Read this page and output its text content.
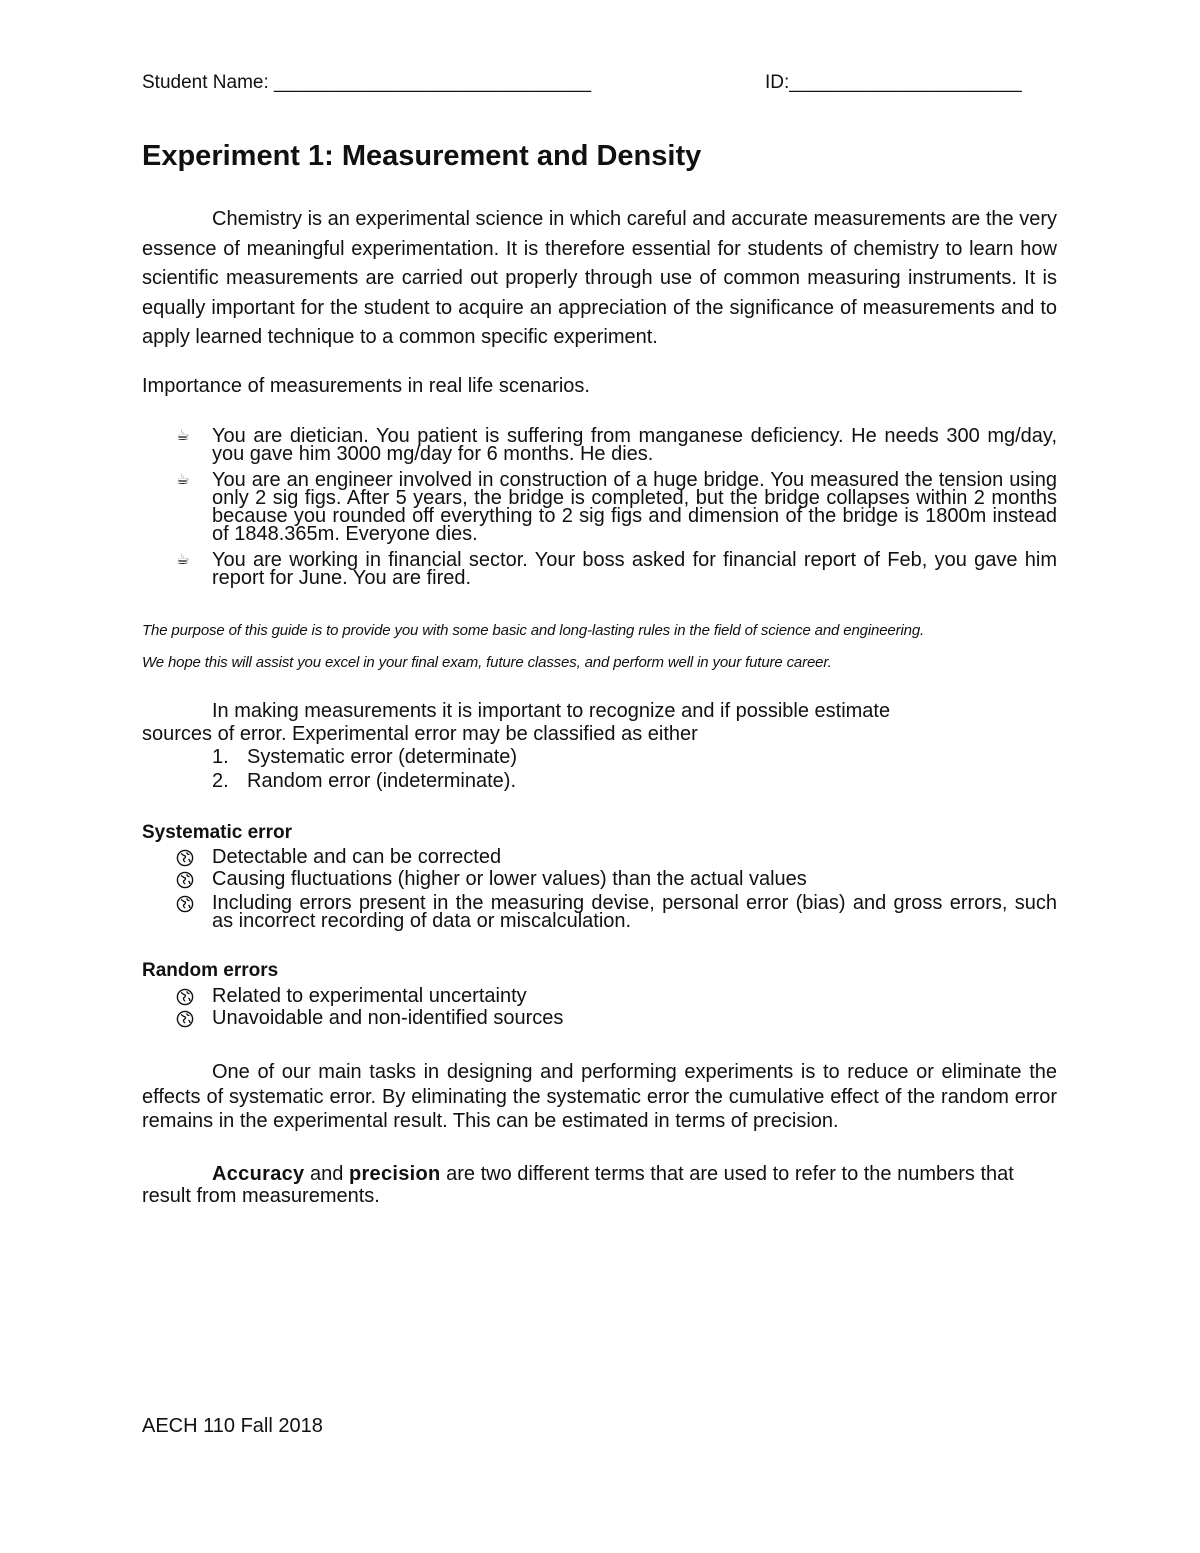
Student Name: ______________________________	ID:______________________
Experiment 1: Measurement and Density

Chemistry is an experimental science in which careful and accurate measurements are the very essence of meaningful experimentation. It is therefore essential for students of chemistry to learn how scientific measurements are carried out properly through use of common measuring instruments. It is equally important for the student to acquire an appreciation of the significance of measurements and to apply learned technique to a common specific experiment.

Importance of measurements in real life scenarios.
☕ You are dietician. You patient is suffering from manganese deficiency. He needs 300 mg/day, you gave him 3000 mg/day for 6 months. He dies.
☕ You are an engineer involved in construction of a huge bridge. You measured the tension using only 2 sig figs. After 5 years, the bridge is completed, but the bridge collapses within 2 months because you rounded off everything to 2 sig figs and dimension of the bridge is 1800m instead of 1848.365m. Everyone dies.
☕ You are working in financial sector. Your boss asked for financial report of Feb, you gave him report for June. You are fired.
The purpose of this guide is to provide you with some basic and long-lasting rules in the field of science and engineering.
We hope this will assist you excel in your final exam, future classes, and perform well in your future career.
In making measurements it is important to recognize and if possible estimate
sources of error. Experimental error may be classified as either
1. Systematic error (determinate)
2. Random error (indeterminate).
Systematic error
Detectable and can be corrected
Causing fluctuations (higher or lower values) than the actual values
Including errors present in the measuring devise, personal error (bias) and gross errors, such as incorrect recording of data or miscalculation.
Random errors
Related to experimental uncertainty
Unavoidable and non-identified sources

One of our main tasks in designing and performing experiments is to reduce or eliminate the effects of systematic error. By eliminating the systematic error the cumulative effect of the random error remains in the experimental result. This can be estimated in terms of precision.

Accuracy and precision are two different terms that are used to refer to the numbers that result from measurements.

AECH 110 Fall 2018
